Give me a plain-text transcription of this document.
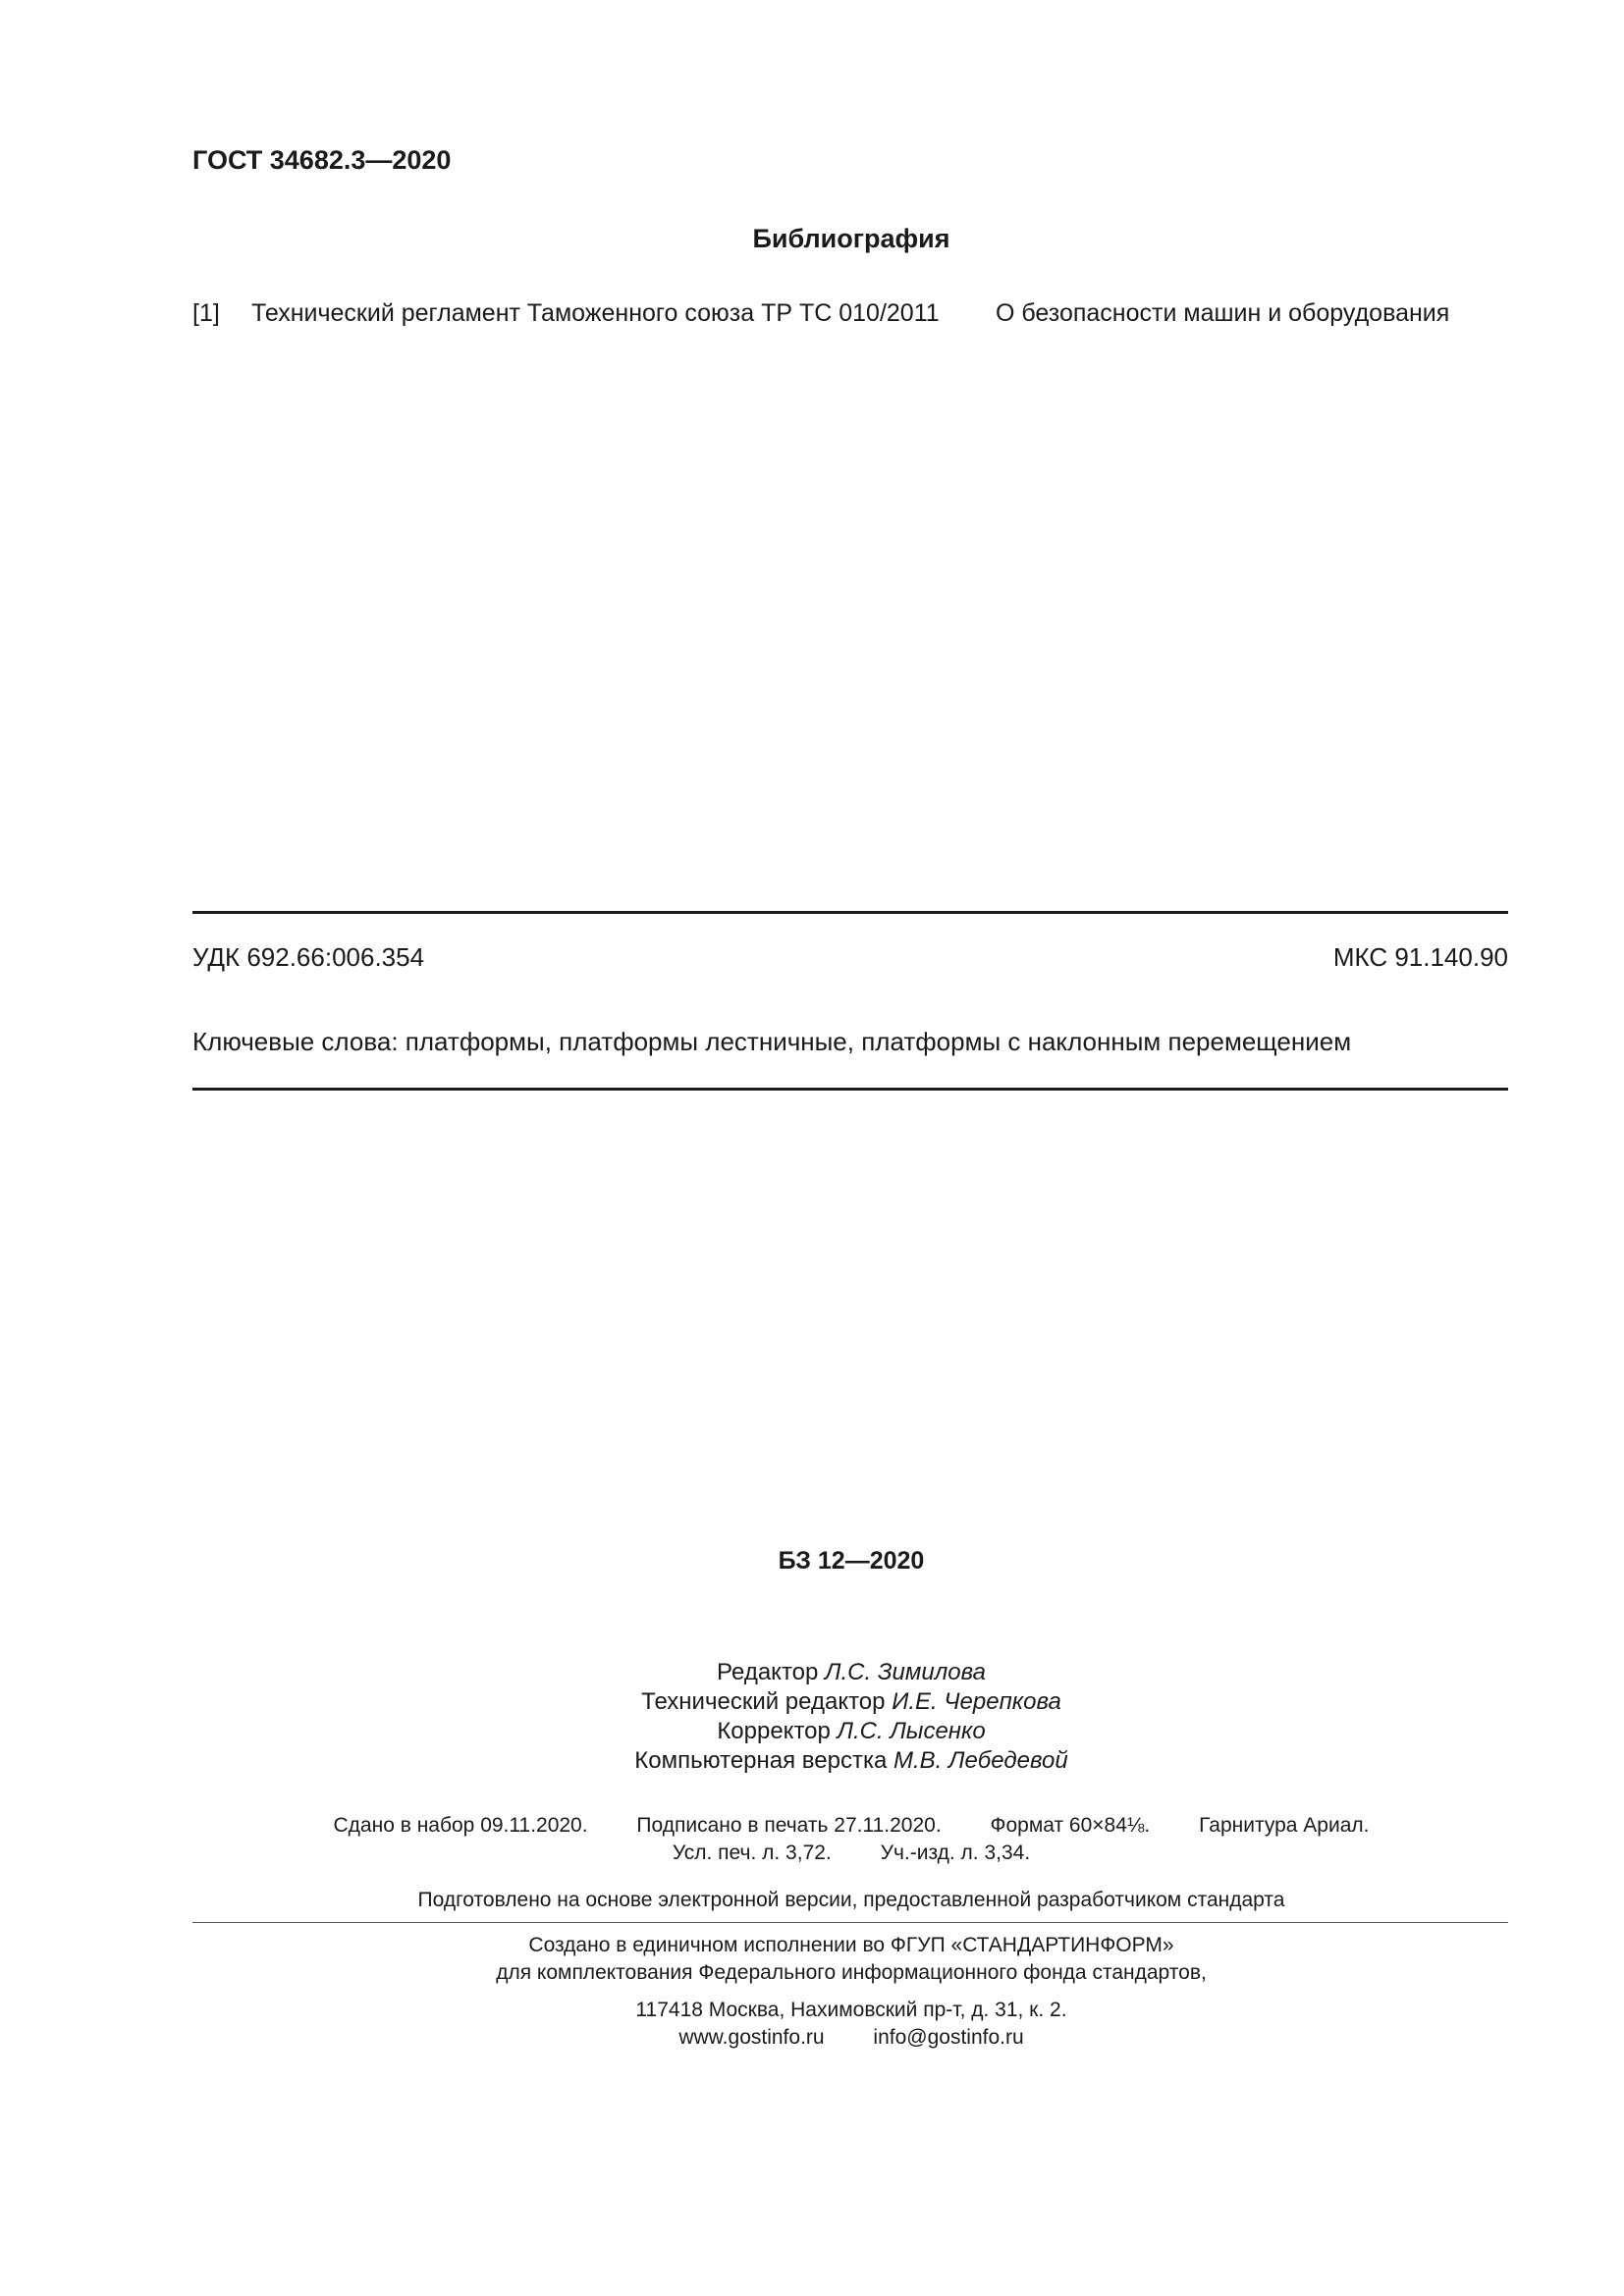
ГОСТ 34682.3—2020
Библиография
[1] Технический регламент Таможенного союза ТР ТС 010/2011 О безопасности машин и оборудования
УДК 692.66:006.354	МКС 91.140.90
Ключевые слова: платформы, платформы лестничные, платформы с наклонным перемещением
БЗ 12—2020
Редактор Л.С. Зимилова
Технический редактор И.Е. Черепкова
Корректор Л.С. Лысенко
Компьютерная верстка М.В. Лебедевой
Сдано в набор 09.11.2020. Подписано в печать 27.11.2020. Формат 60×84⅛. Гарнитура Ариал.
Усл. печ. л. 3,72. Уч.-изд. л. 3,34.
Подготовлено на основе электронной версии, предоставленной разработчиком стандарта
Создано в единичном исполнении во ФГУП «СТАНДАРТИНФОРМ»
для комплектования Федерального информационного фонда стандартов,
117418 Москва, Нахимовский пр-т, д. 31, к. 2.
www.gostinfo.ru info@gostinfo.ru
